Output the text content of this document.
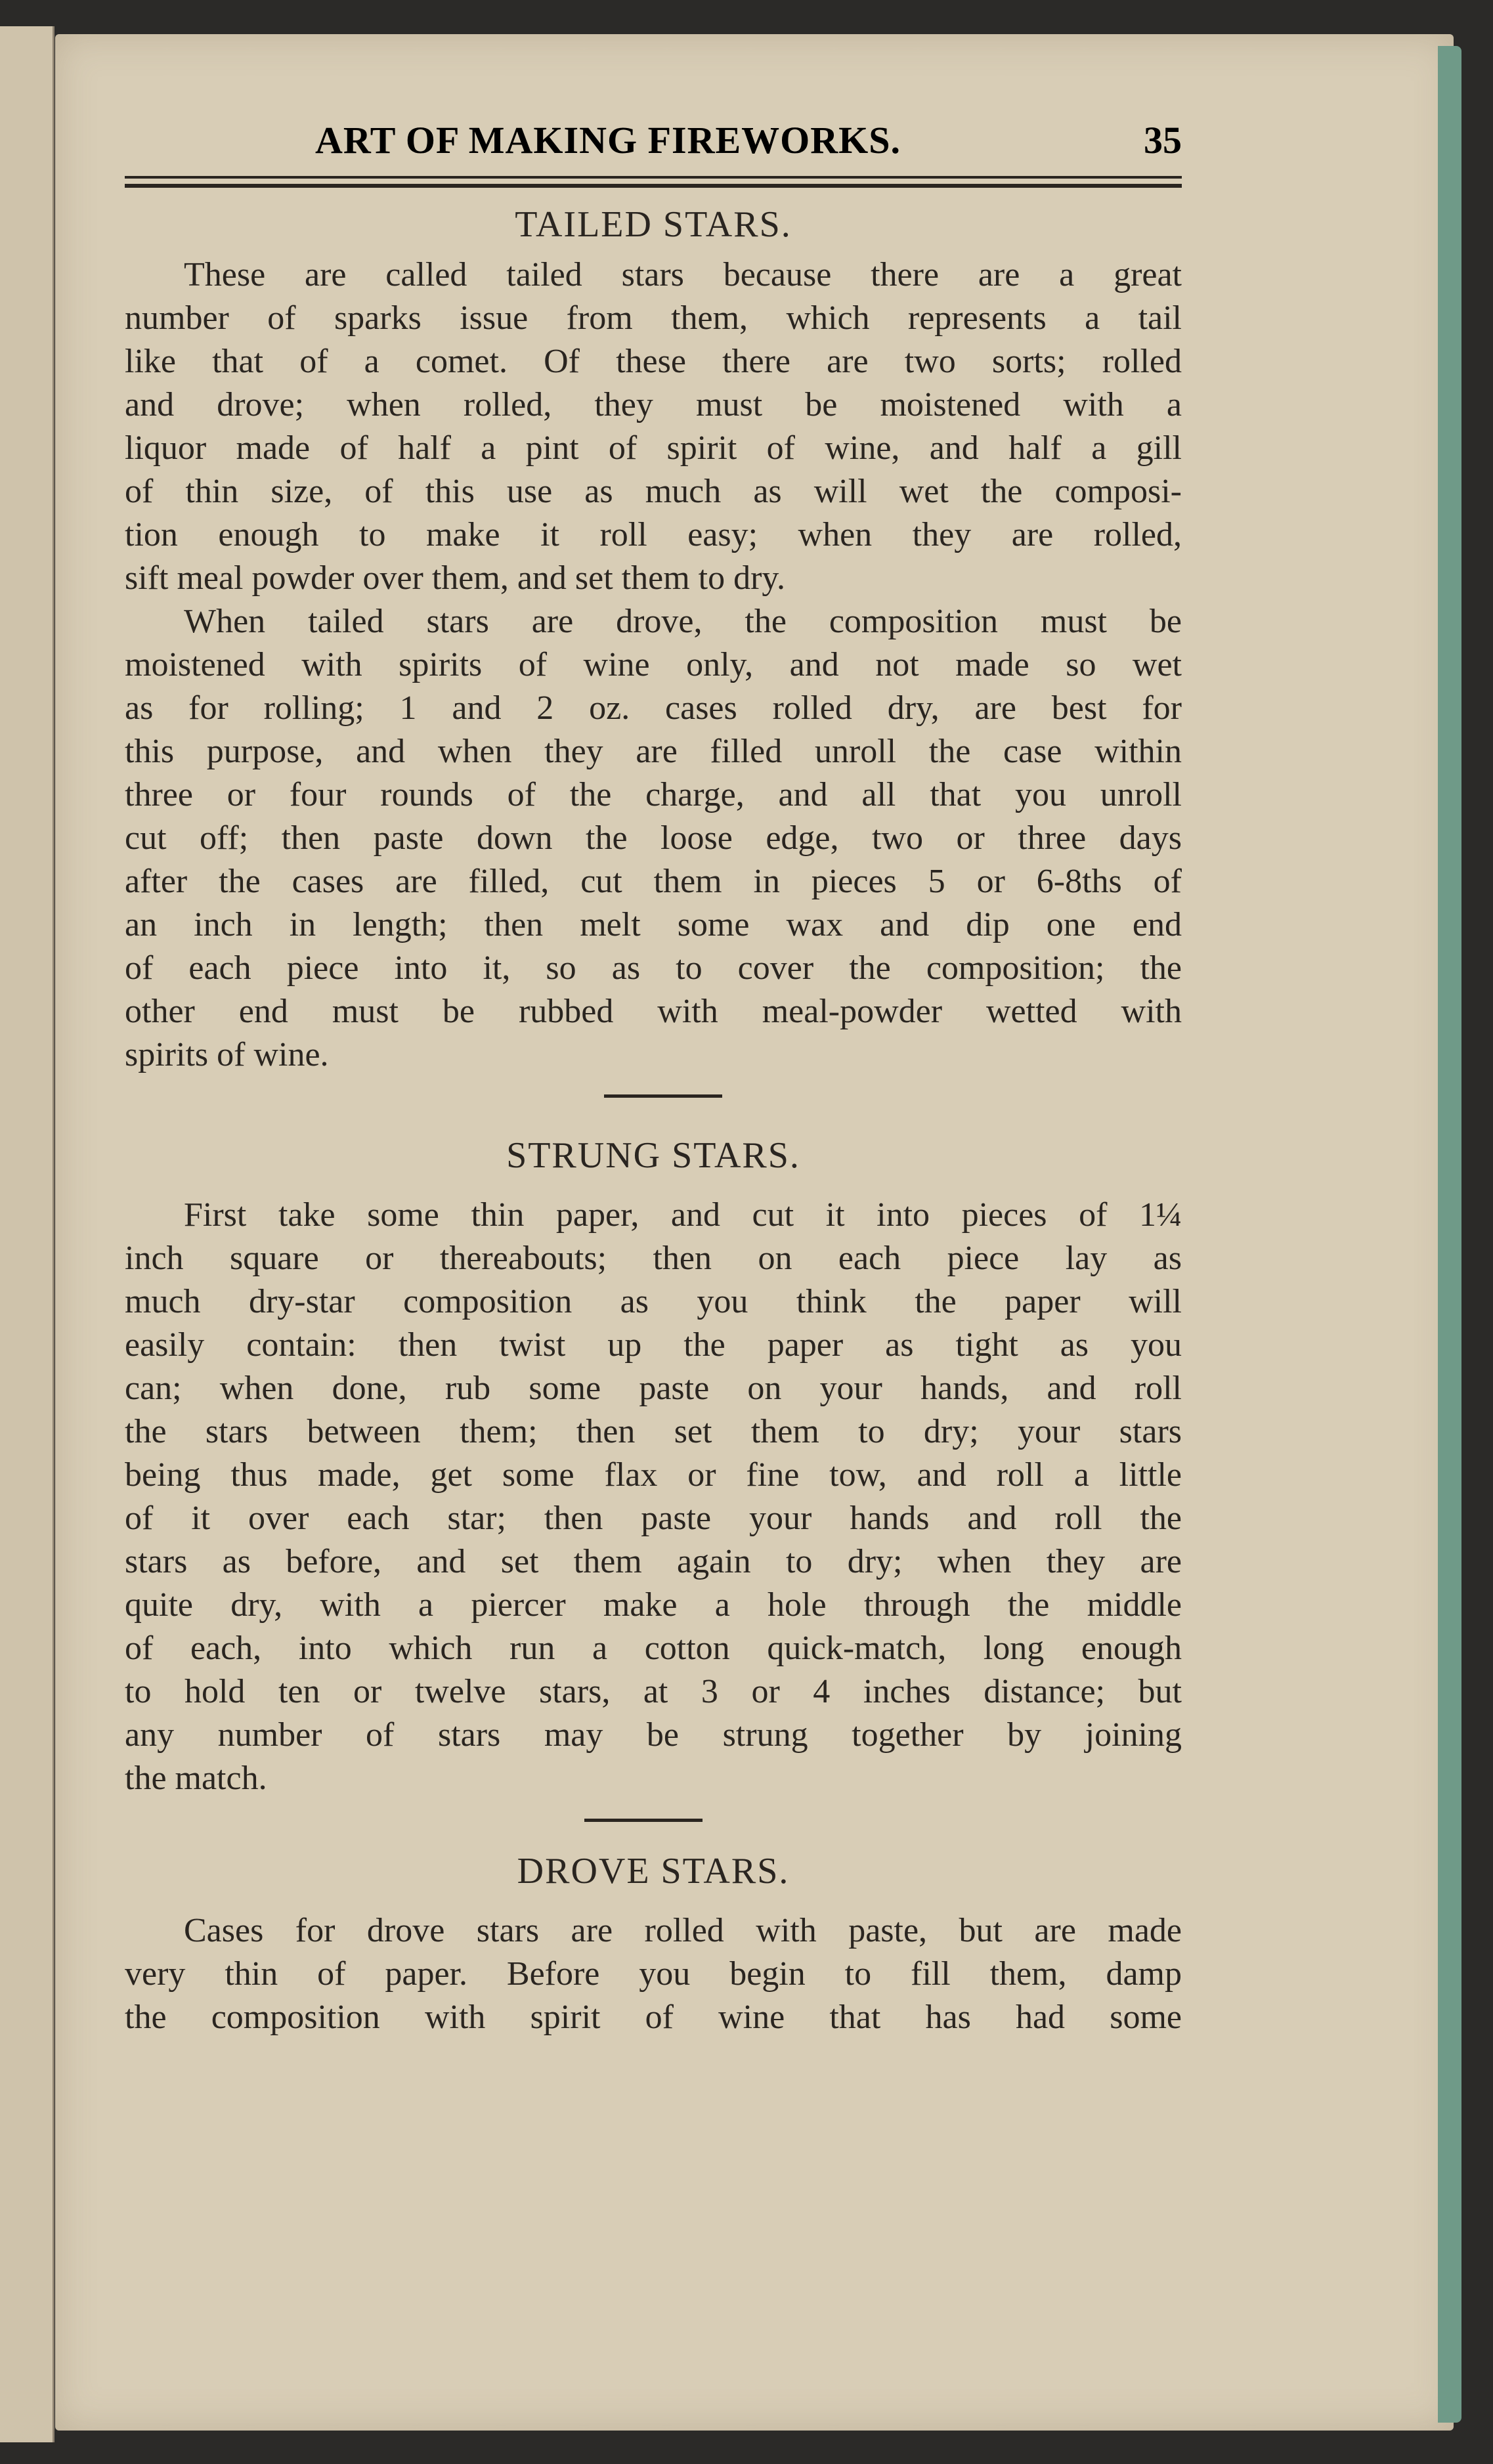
ART OF MAKING FIREWORKS.	35
TAILED STARS.
These are called tailed stars because there are a great
number of sparks issue from them, which represents a tail
like that of a comet. Of these there are two sorts; rolled
and drove; when rolled, they must be moistened with a
liquor made of half a pint of spirit of wine, and half a gill
of thin size, of this use as much as will wet the composi-
tion enough to make it roll easy; when they are rolled,
sift meal powder over them, and set them to dry.
When tailed stars are drove, the composition must be
moistened with spirits of wine only, and not made so wet
as for rolling; 1 and 2 oz. cases rolled dry, are best for
this purpose, and when they are filled unroll the case within
three or four rounds of the charge, and all that you unroll
cut off; then paste down the loose edge, two or three days
after the cases are filled, cut them in pieces 5 or 6-8ths of
an inch in length; then melt some wax and dip one end
of each piece into it, so as to cover the composition; the
other end must be rubbed with meal-powder wetted with
spirits of wine.
STRUNG STARS.
First take some thin paper, and cut it into pieces of 1¼
inch square or thereabouts; then on each piece lay as
much dry-star composition as you think the paper will
easily contain: then twist up the paper as tight as you
can; when done, rub some paste on your hands, and roll
the stars between them; then set them to dry; your stars
being thus made, get some flax or fine tow, and roll a little
of it over each star; then paste your hands and roll the
stars as before, and set them again to dry; when they are
quite dry, with a piercer make a hole through the middle
of each, into which run a cotton quick-match, long enough
to hold ten or twelve stars, at 3 or 4 inches distance; but
any number of stars may be strung together by joining
the match.
DROVE STARS.
Cases for drove stars are rolled with paste, but are made
very thin of paper. Before you begin to fill them, damp
the composition with spirit of wine that has had some
